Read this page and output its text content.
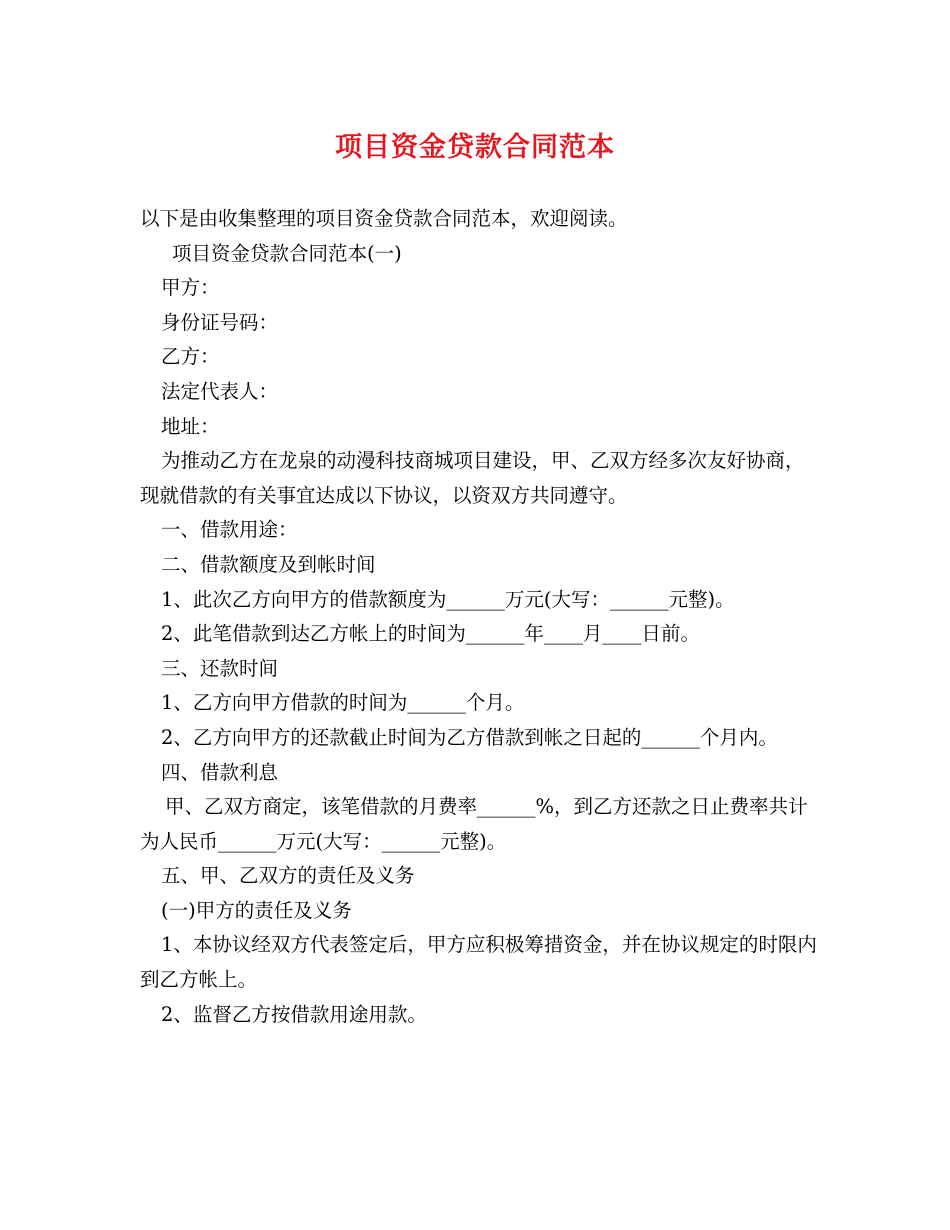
项目资金贷款合同范本

以下是由收集整理的项目资金贷款合同范本，欢迎阅读。

项目资金贷款合同范本(一)

甲方：

身份证号码：

乙方：

法定代表人：

地址：

为推动乙方在龙泉的动漫科技商城项目建设，甲、乙双方经多次友好协商，现就借款的有关事宜达成以下协议，以资双方共同遵守。

一、借款用途：

二、借款额度及到帐时间

1、此次乙方向甲方的借款额度为______万元(大写：______元整)。

2、此笔借款到达乙方帐上的时间为______年____月____日前。

三、还款时间

1、乙方向甲方借款的时间为______个月。

2、乙方向甲方的还款截止时间为乙方借款到帐之日起的______个月内。

四、借款利息

甲、乙双方商定，该笔借款的月费率______%，到乙方还款之日止费率共计为人民币______万元(大写：______元整)。

五、甲、乙双方的责任及义务

(一)甲方的责任及义务

1、本协议经双方代表签定后，甲方应积极筹措资金，并在协议规定的时限内到乙方帐上。

2、监督乙方按借款用途用款。
